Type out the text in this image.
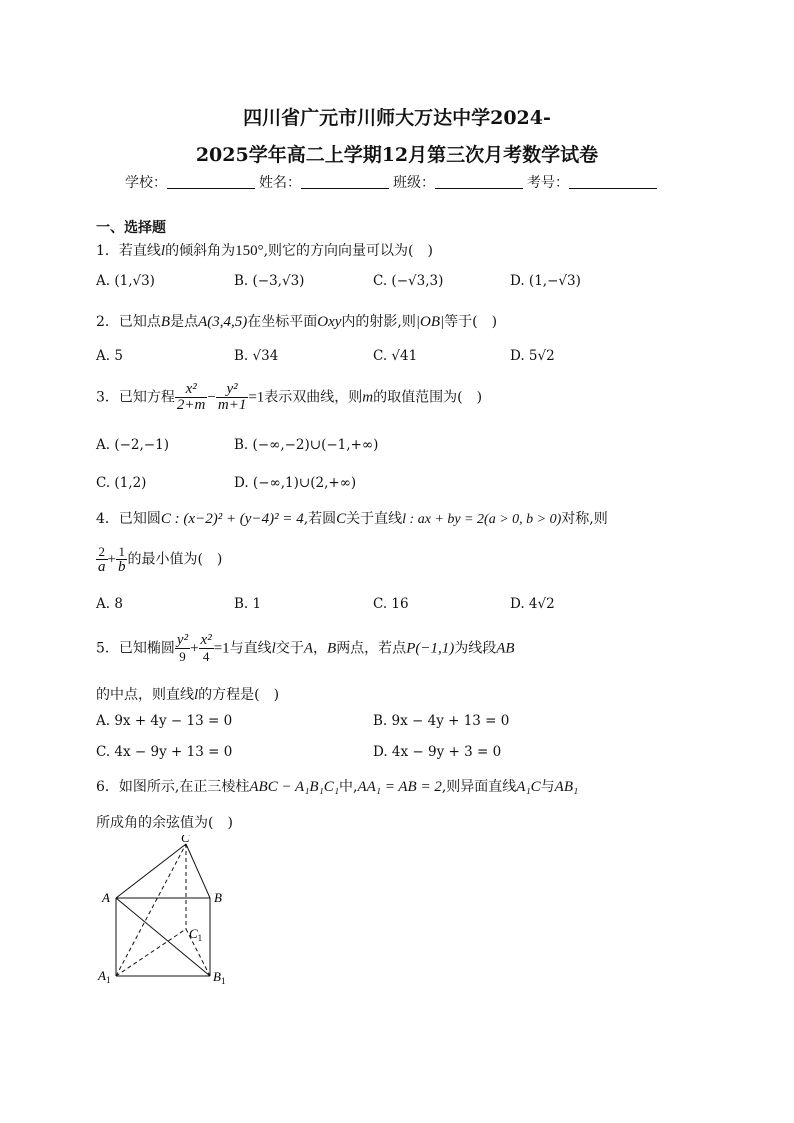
四川省广元市川师大万达中学2024-
2025学年高二上学期12月第三次月考数学试卷
学校：	姓名：	班级：	考号：
一、选择题
1．若直线l的倾斜角为150°,则它的方向向量可以为(　)
A. (1,√3)	B. (−3,√3)	C. (−√3,3)	D. (1,−√3)
2．已知点B是点A(3,4,5)在坐标平面Oxy内的射影,则|OB|等于(　)
A. 5	B. √34	C. √41	D. 5√2
3．已知方程 $\frac{\text{x²}}{2+m} - \frac{\text{y²}}{m+1} =1$表示双曲线，则m的取值范围为(　)
A. (−2,−1)	B. (−∞,−2)∪(−1,+∞)
C. (1,2)	D. (−∞,1)∪(2,+∞)
4．已知圆C : (x−2)² + (y−4)² = 4,若圆C关于直线l : ax + by = 2(a > 0, b > 0)对称,则
$\frac{2}{a} + \frac{1}{b}$ 的最小值为(　)
A. 8	B. 1	C. 16	D. 4√2
5．已知椭圆 $\frac{\text{y²}}{9} + \frac{\text{x²}}{4} =1$与直线l交于A，B两点，若点P(−1,1)为线段AB
的中点，则直线l的方程是(　)
A. 9x + 4y − 13 = 0	B. 9x − 4y + 13 = 0
C. 4x − 9y + 13 = 0	D. 4x − 9y + 3 = 0
6．如图所示,在正三棱柱ABC − A₁B₁C₁中,AA₁ = AB = 2,则异面直线A₁C与AB₁
所成角的余弦值为(　)
C
A	B
$C_1$
$A_1$	$B_1$
